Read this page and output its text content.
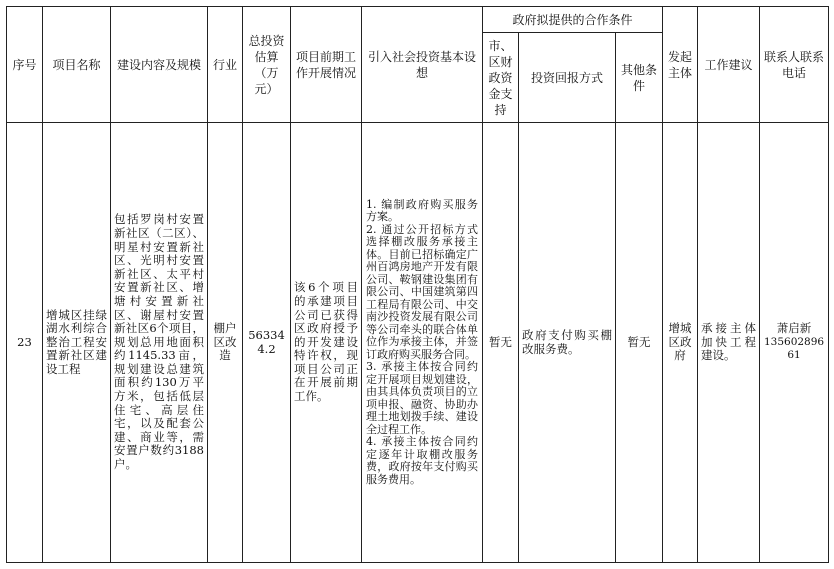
序号	项目名称	建设内容及规模	行业	总投资估算（万元）	项目前期工作开展情况	引入社会投资基本设想	政府拟提供的合作条件			发起主体	工作建议	联系人联系电话
							市、区财政资金支持	投资回报方式	其他条件			
23	增城区挂绿湖水利综合整治工程安置新社区建设工程	包括罗岗村安置新社区（二区）、明星村安置新社区、光明村安置新社区、太平村安置新社区、增塘村安置新社区、谢屋村安置新社区6个项目，规划总用地面积约1145.33亩，规划建设总建筑面积约130万平方米，包括低层住宅、高层住宅，以及配套公建、商业等，需安置户数约3188户。	棚户区改造	563344.2	该6个项目的承建项目公司已获得区政府授予的开发建设特许权，现项目公司正在开展前期工作。	1. 编制政府购买服务方案。
2. 通过公开招标方式选择棚改服务承接主体。目前已招标确定广州百鸿房地产开发有限公司、鞍钢建设集团有限公司、中国建筑第四工程局有限公司、中交南沙投资发展有限公司等公司牵头的联合体单位作为承接主体，并签订政府购买服务合同。
3. 承接主体按合同约定开展项目规划建设，由其具体负责项目的立项申报、融资、协助办理土地划拨手续、建设全过程工作。
4. 承接主体按合同约定逐年计取棚改服务费，政府按年支付购买服务费用。	暂无	政府支付购买棚改服务费。	暂无	增城区政府	承接主体加快工程建设。	萧启新
13560289661
